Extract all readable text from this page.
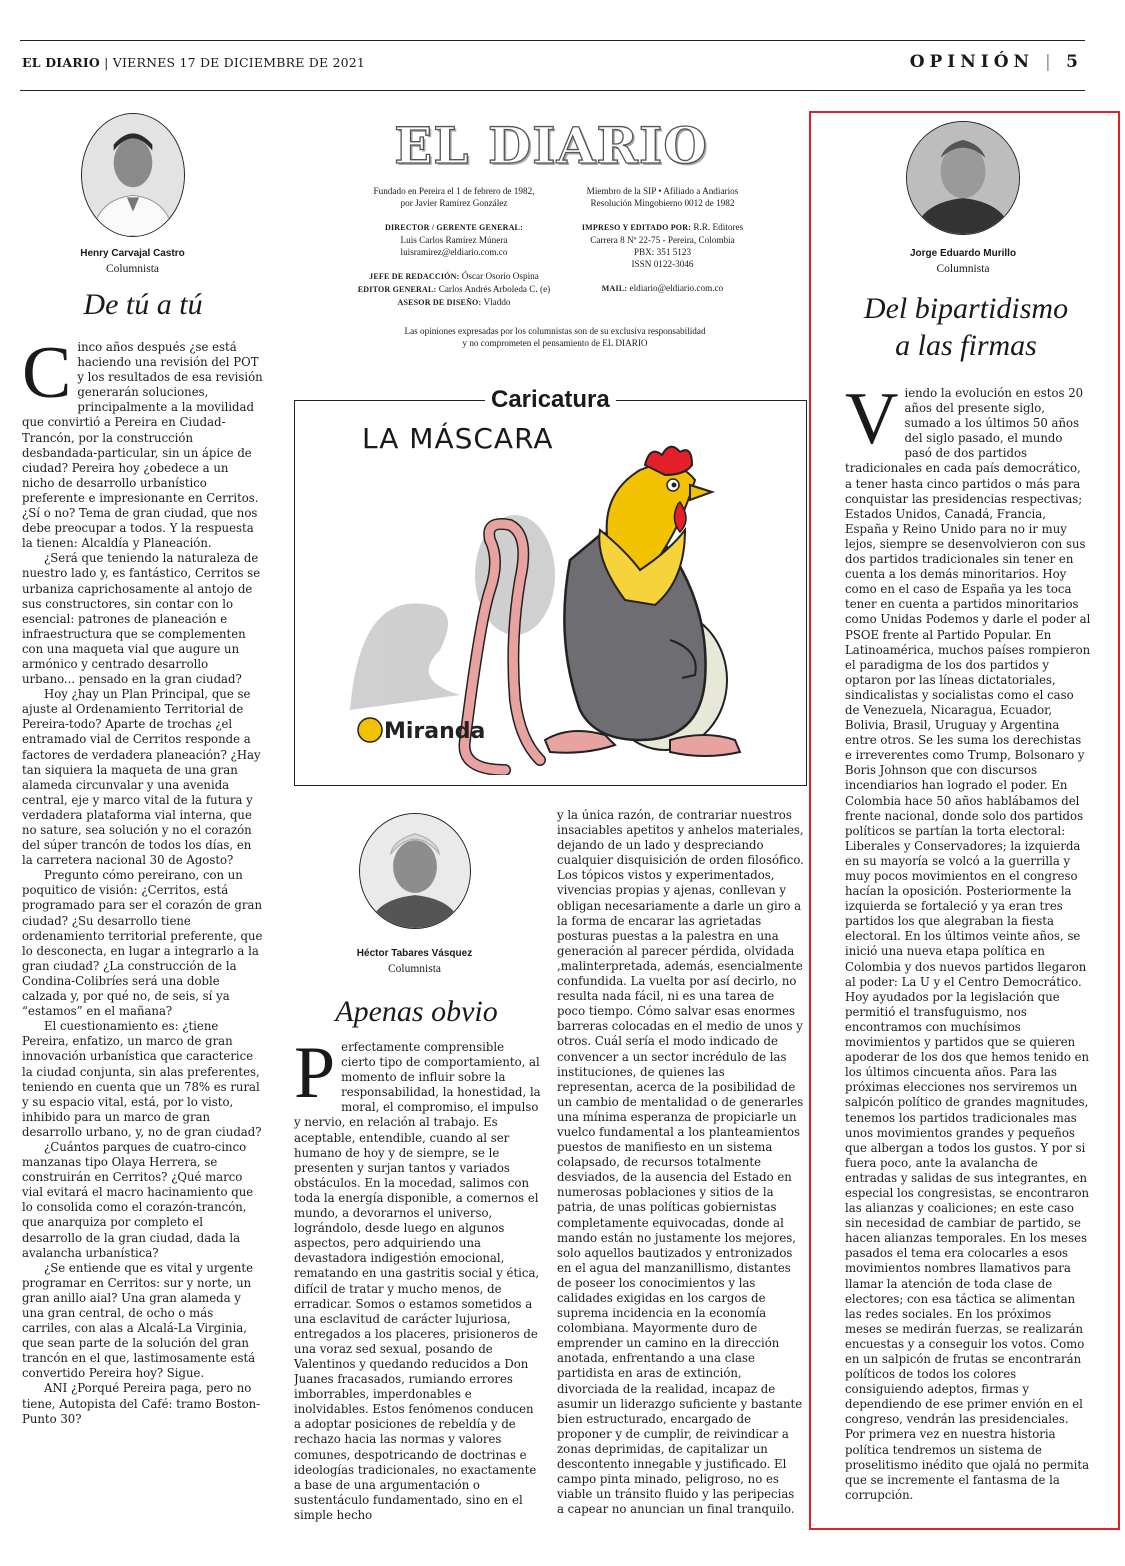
EL DIARIO | VIERNES 17 DE DICIEMBRE DE 2021	OPINIÓN | 5
Henry Carvajal Castro
Columnista
De tú a tú
C inco años después ¿se está haciendo una revisión del POT y los resultados de esa revisión generarán soluciones, principalmente a la movilidad que convirtió a Pereira en Ciudad-Trancón, por la construcción desbandada-particular, sin un ápice de ciudad? Pereira hoy ¿obedece a un nicho de desarrollo urbanístico preferente e impresionante en Cerritos. ¿Sí o no? Tema de gran ciudad, que nos debe preocupar a todos. Y la respuesta la tienen: Alcaldía y Planeación.

¿Será que teniendo la naturaleza de nuestro lado y, es fantástico, Cerritos se urbaniza caprichosamente al antojo de sus constructores, sin contar con lo esencial: patrones de planeación e infraestructura que se complementen con una maqueta vial que augure un armónico y centrado desarrollo urbano... pensado en la gran ciudad?

Hoy ¿hay un Plan Principal, que se ajuste al Ordenamiento Territorial de Pereira-todo? Aparte de trochas ¿el entramado vial de Cerritos responde a factores de verdadera planeación? ¿Hay tan siquiera la maqueta de una gran alameda circunvalar y una avenida central, eje y marco vital de la futura y verdadera plataforma vial interna, que no sature, sea solución y no el corazón del súper trancón de todos los días, en la carretera nacional 30 de Agosto?

Pregunto cómo pereirano, con un poquitico de visión: ¿Cerritos, está programado para ser el corazón de gran ciudad? ¿Su desarrollo tiene ordenamiento territorial preferente, que lo desconecta, en lugar a integrarlo a la gran ciudad? ¿La construcción de la Condina-Colibríes será una doble calzada y, por qué no, de seis, sí ya “estamos” en el mañana?

El cuestionamiento es: ¿tiene Pereira, enfatizo, un marco de gran innovación urbanística que caracterice la ciudad conjunta, sin alas preferentes, teniendo en cuenta que un 78% es rural y su espacio vital, está, por lo visto, inhibido para un marco de gran desarrollo urbano, y, no de gran ciudad?

¿Cuántos parques de cuatro-cinco manzanas tipo Olaya Herrera, se construirán en Cerritos? ¿Qué marco vial evitará el macro hacinamiento que lo consolida como el corazón-trancón, que anarquiza por completo el desarrollo de la gran ciudad, dada la avalancha urbanística?

¿Se entiende que es vital y urgente programar en Cerritos: sur y norte, un gran anillo aial? Una gran alameda y una gran central, de ocho o más carriles, con alas a Alcalá-La Virginia, que sean parte de la solución del gran trancón en el que, lastimosamente está convertido Pereira hoy? Sigue.

ANI ¿Porqué Pereira paga, pero no tiene, Autopista del Café: tramo Boston-Punto 30?

EL DIARIO
Fundado en Pereira el 1 de febrero de 1982,
por Javier Ramírez González
DIRECTOR / GERENTE GENERAL:
Luis Carlos Ramírez Múnera
luisramirez@eldiario.com.co
JEFE DE REDACCIÓN: Óscar Osorio Ospina
EDITOR GENERAL: Carlos Andrés Arboleda C. (e)
ASESOR DE DISEÑO: Vladdo
Miembro de la SIP • Afiliado a Andiarios
Resolución Mingobierno 0012 de 1982
IMPRESO Y EDITADO POR: R.R. Editores
Carrera 8 Nº 22-75 - Pereira, Colombia
PBX: 351 5123
ISSN 0122-3046
MAIL: eldiario@eldiario.com.co
Las opiniones expresadas por los columnistas son de su exclusiva responsabilidad
y no comprometen el pensamiento de EL DIARIO
Caricatura
LA MÁSCARA
Miranda
Héctor Tabares Vásquez
Columnista
Apenas obvio
P erfectamente comprensible cierto tipo de comportamiento, al momento de influir sobre la responsabilidad, la honestidad, la moral, el compromiso, el impulso y nervio, en relación al trabajo. Es aceptable, entendible, cuando al ser humano de hoy y de siempre, se le presenten y surjan tantos y variados obstáculos. En la mocedad, salimos con toda la energía disponible, a comernos el mundo, a devorarnos el universo, lográndolo, desde luego en algunos aspectos, pero adquiriendo una devastadora indigestión emocional, rematando en una gastritis social y ética, difícil de tratar y mucho menos, de erradicar. Somos o estamos sometidos a una esclavitud de carácter lujuriosa, entregados a los placeres, prisioneros de una voraz sed sexual, posando de Valentinos y quedando reducidos a Don Juanes fracasados, rumiando errores imborrables, imperdonables e inolvidables. Estos fenómenos conducen a adoptar posiciones de rebeldía y de rechazo hacia las normas y valores comunes, despotricando de doctrinas e ideologías tradicionales, no exactamente a base de una argumentación o sustentáculo fundamentado, sino en el simple hecho

y la única razón, de contrariar nuestros insaciables apetitos y anhelos materiales, dejando de un lado y despreciando cualquier disquisición de orden filosófico. Los tópicos vistos y experimentados, vivencias propias y ajenas, conllevan y obligan necesariamente a darle un giro a la forma de encarar las agrietadas posturas puestas a la palestra en una generación al parecer pérdida, olvidada ,malinterpretada, además, esencialmente confundida. La vuelta por así decirlo, no resulta nada fácil, ni es una tarea de poco tiempo. Cómo salvar esas enormes barreras colocadas en el medio de unos y otros. Cuál sería el modo indicado de convencer a un sector incrédulo de las instituciones, de quienes las representan, acerca de la posibilidad de un cambio de mentalidad o de generarles una mínima esperanza de propiciarle un vuelco fundamental a los planteamientos puestos de manifiesto en un sistema colapsado, de recursos totalmente desviados, de la ausencia del Estado en numerosas poblaciones y sitios de la patria, de unas políticas gobiernistas completamente equivocadas, donde al mando están no justamente los mejores, solo aquellos bautizados y entronizados en el agua del manzanillismo, distantes de poseer los conocimientos y las calidades exigidas en los cargos de suprema incidencia en la economía colombiana. Mayormente duro de emprender un camino en la dirección anotada, enfrentando a una clase partidista en aras de extinción, divorciada de la realidad, incapaz de asumir un liderazgo suficiente y bastante bien estructurado, encargado de proponer y de cumplir, de reivindicar a zonas deprimidas, de capitalizar un descontento innegable y justificado. El campo pinta minado, peligroso, no es viable un tránsito fluido y las peripecias a capear no anuncian un final tranquilo.

Jorge Eduardo Murillo
Columnista
Del bipartidismo
a las firmas
V iendo la evolución en estos 20 años del presente siglo, sumado a los últimos 50 años del siglo pasado, el mundo pasó de dos partidos tradicionales en cada país democrático, a tener hasta cinco partidos o más para conquistar las presidencias respectivas; Estados Unidos, Canadá, Francia, España y Reino Unido para no ir muy lejos, siempre se desenvolvieron con sus dos partidos tradicionales sin tener en cuenta a los demás minoritarios. Hoy como en el caso de España ya les toca tener en cuenta a partidos minoritarios como Unidas Podemos y darle el poder al PSOE frente al Partido Popular. En Latinoamérica, muchos países rompieron el paradigma de los dos partidos y optaron por las líneas dictatoriales, sindicalistas y socialistas como el caso de Venezuela, Nicaragua, Ecuador, Bolivia, Brasil, Uruguay y Argentina entre otros. Se les suma los derechistas e irreverentes como Trump, Bolsonaro y Boris Johnson que con discursos incendiarios han logrado el poder. En Colombia hace 50 años hablábamos del frente nacional, donde solo dos partidos políticos se partían la torta electoral: Liberales y Conservadores; la izquierda en su mayoría se volcó a la guerrilla y muy pocos movimientos en el congreso hacían la oposición. Posteriormente la izquierda se fortaleció y ya eran tres partidos los que alegraban la fiesta electoral. En los últimos veinte años, se inició una nueva etapa política en Colombia y dos nuevos partidos llegaron al poder: La U y el Centro Democrático. Hoy ayudados por la legislación que permitió el transfuguismo, nos encontramos con muchísimos movimientos y partidos que se quieren apoderar de los dos que hemos tenido en los últimos cincuenta años. Para las próximas elecciones nos serviremos un salpicón político de grandes magnitudes, tenemos los partidos tradicionales mas unos movimientos grandes y pequeños que albergan a todos los gustos. Y por si fuera poco, ante la avalancha de entradas y salidas de sus integrantes, en especial los congresistas, se encontraron las alianzas y coaliciones; en este caso sin necesidad de cambiar de partido, se hacen alianzas temporales. En los meses pasados el tema era colocarles a esos movimientos nombres llamativos para llamar la atención de toda clase de electores; con esa táctica se alimentan las redes sociales. En los próximos meses se medirán fuerzas, se realizarán encuestas y a conseguir los votos. Como en un salpicón de frutas se encontrarán políticos de todos los colores consiguiendo adeptos, firmas y dependiendo de ese primer envión en el congreso, vendrán las presidenciales. Por primera vez en nuestra historia política tendremos un sistema de proselitismo inédito que ojalá no permita que se incremente el fantasma de la corrupción.
